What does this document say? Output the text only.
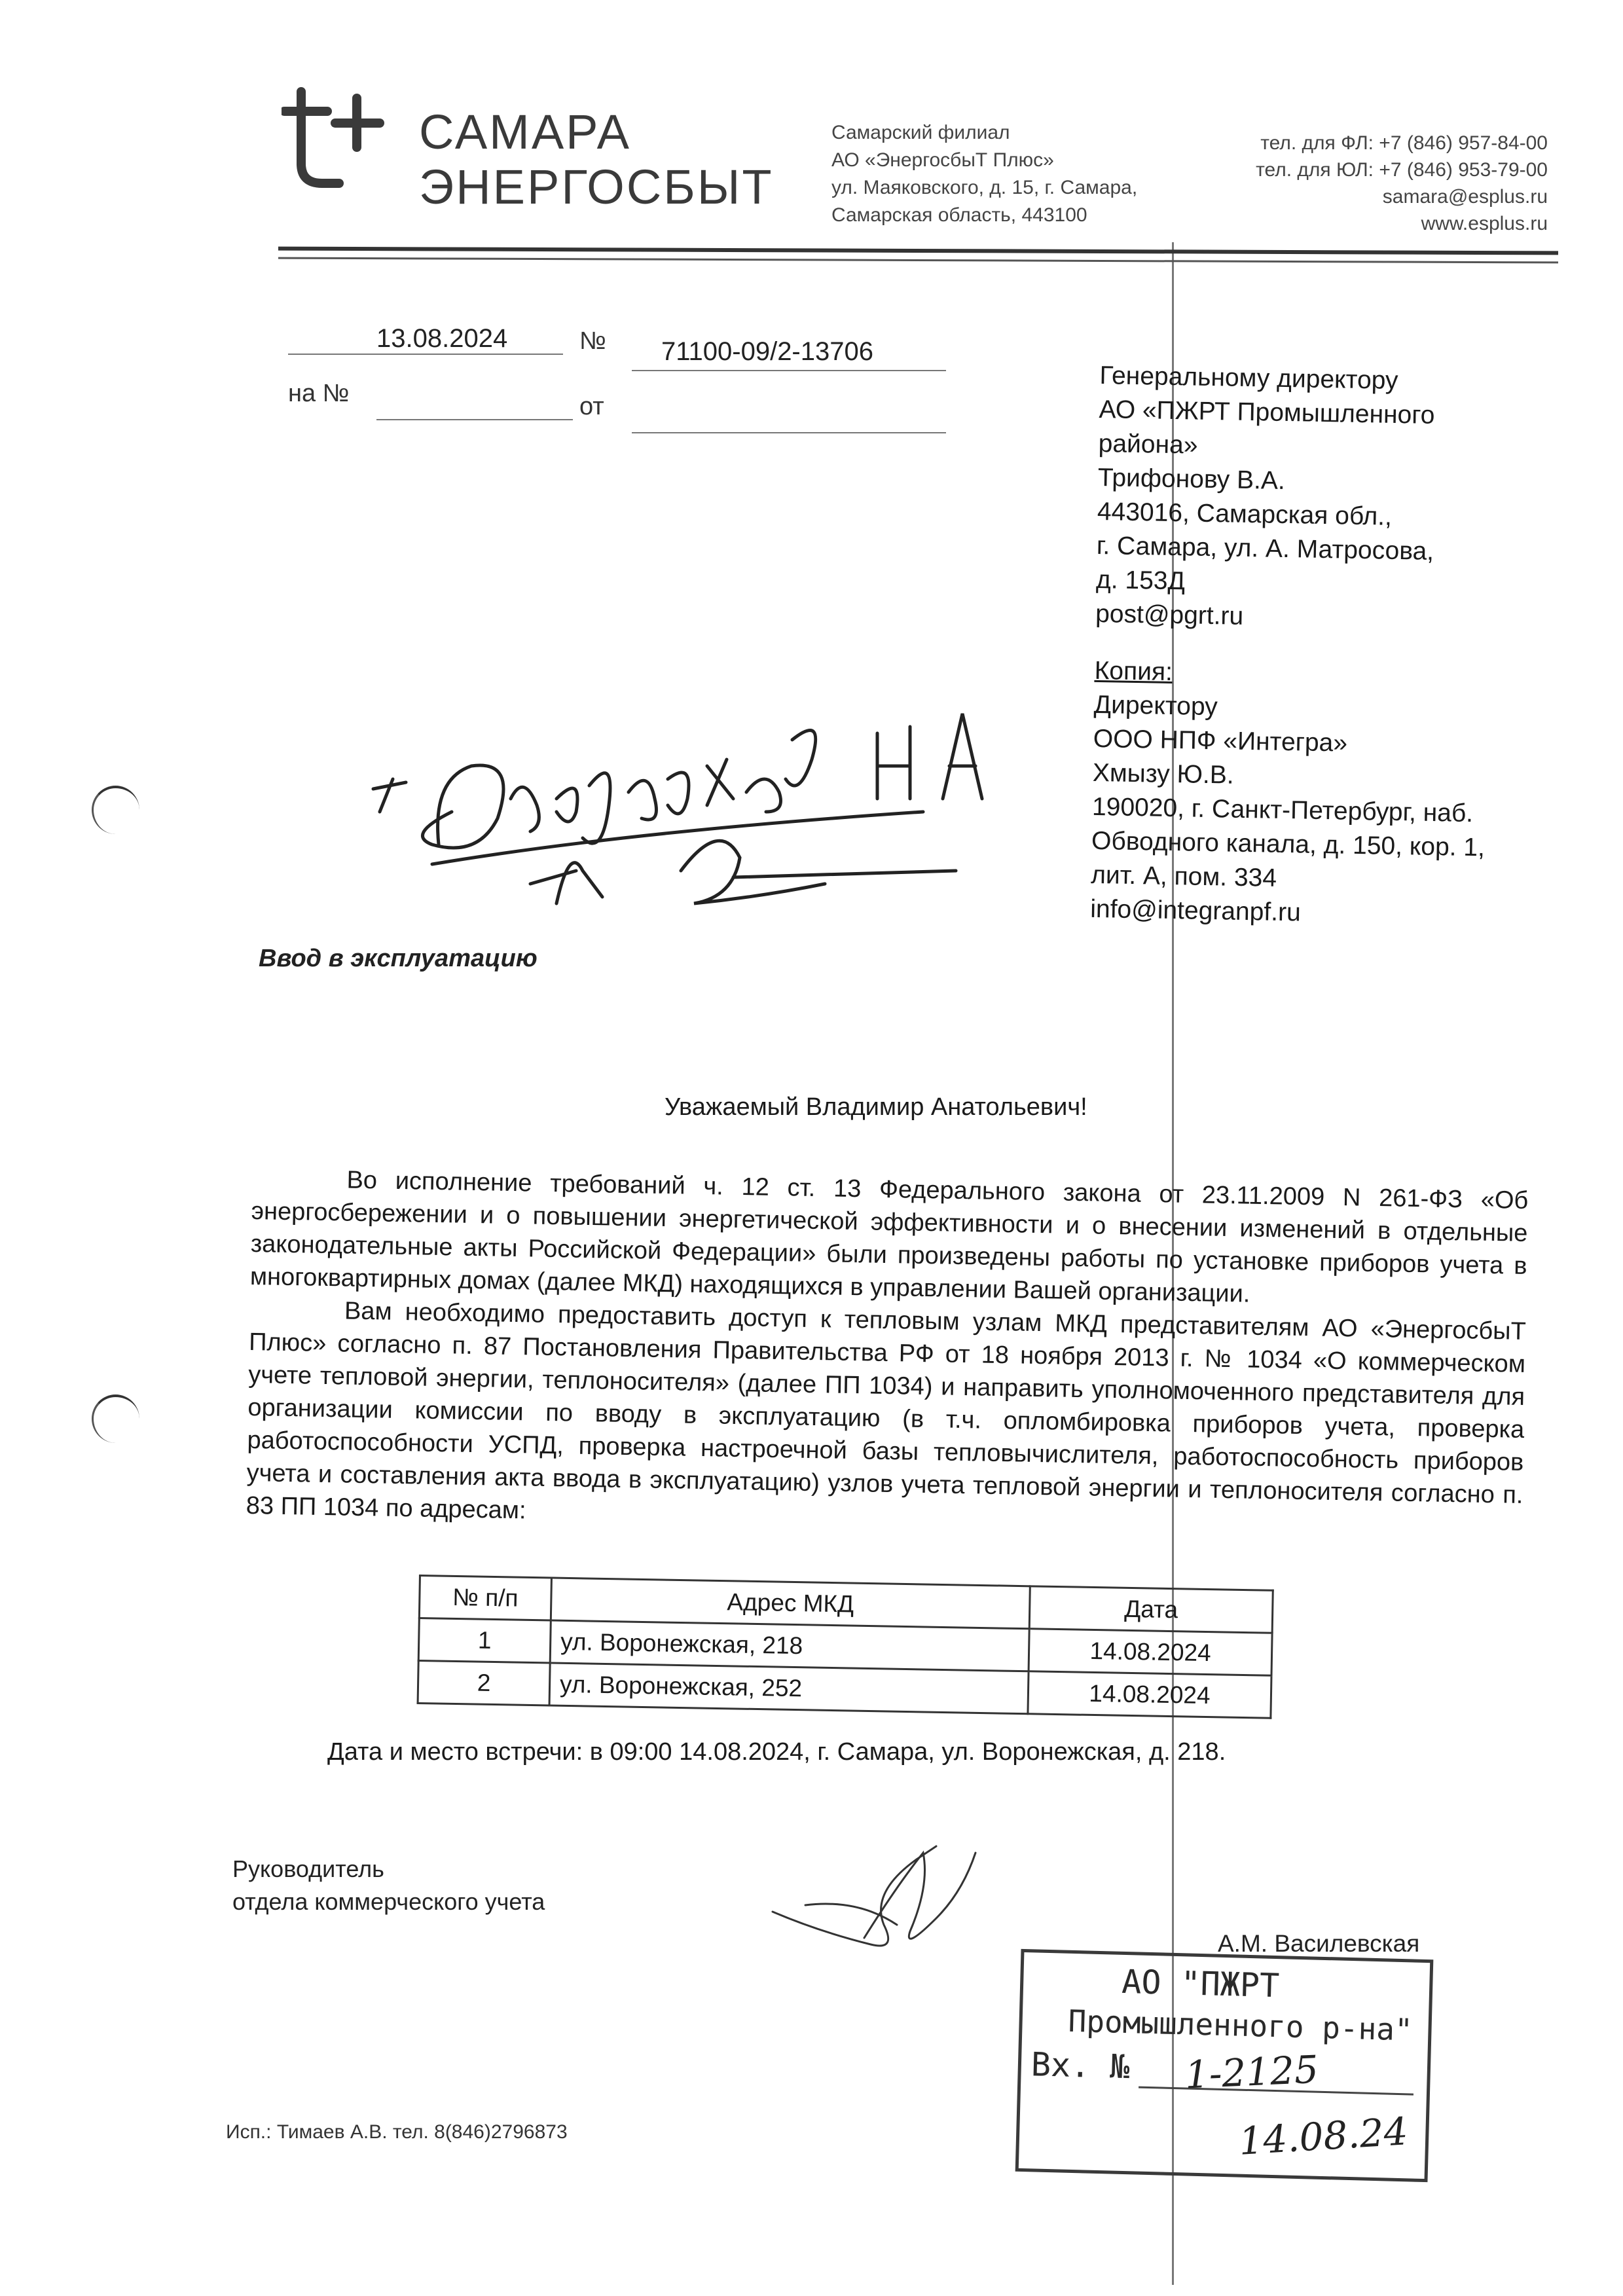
САМАРА
ЭНЕРГОСБЫТ
Самарский филиал
АО «ЭнергосбыТ Плюс»
ул. Маяковского, д. 15, г. Самара,
Самарская область, 443100
тел. для ФЛ: +7 (846) 957-84-00
тел. для ЮЛ: +7 (846) 953-79-00
samara@esplus.ru
www.esplus.ru
13.08.2024	№ 71100-09/2-13706
на №	от
Генеральному директору
АО «ПЖРТ Промышленного
района»
Трифонову В.А.
443016, Самарская обл.,
г. Самара, ул. А. Матросова,
д. 153Д
post@pgrt.ru
Копия:
Директору
ООО НПФ «Интегра»
Хмызу Ю.В.
190020, г. Санкт-Петербург, наб.
Обводного канала, д. 150, кор. 1,
лит. А, пом. 334
info@integranpf.ru
Ввод в эксплуатацию
Уважаемый Владимир Анатольевич!

Во исполнение требований ч. 12 ст. 13 Федерального закона от 23.11.2009 N 261-ФЗ «Об энергосбережении и о повышении энергетической эффективности и о внесении изменений в отдельные законодательные акты Российской Федерации» были произведены работы по установке приборов учета в многоквартирных домах (далее МКД) находящихся в управлении Вашей организации.

Вам необходимо предоставить доступ к тепловым узлам МКД представителям АО «ЭнергосбыТ Плюс» согласно п. 87 Постановления Правительства РФ от 18 ноября 2013 г. № 1034 «О коммерческом учете тепловой энергии, теплоносителя» (далее ПП 1034) и направить уполномоченного представителя для организации комиссии по вводу в эксплуатацию (в т.ч. опломбировка приборов учета, проверка работоспособности УСПД, проверка настроечной базы тепловычислителя, работоспособность приборов учета и составления акта ввода в эксплуатацию) узлов учета тепловой энергии и теплоносителя согласно п. 83 ПП 1034 по адресам:

№ п/п	Адрес МКД	Дата
1	ул. Воронежская, 218	14.08.2024
2	ул. Воронежская, 252	14.08.2024
Дата и место встречи: в 09:00 14.08.2024, г. Самара, ул. Воронежская, д. 218.
Руководитель
отдела коммерческого учета
А.М. Василевская
АО "ПЖРТ
Промышленного р-на"
Вх. № 1-2125
14.08.24
Исп.: Тимаев А.В. тел. 8(846)2796873
